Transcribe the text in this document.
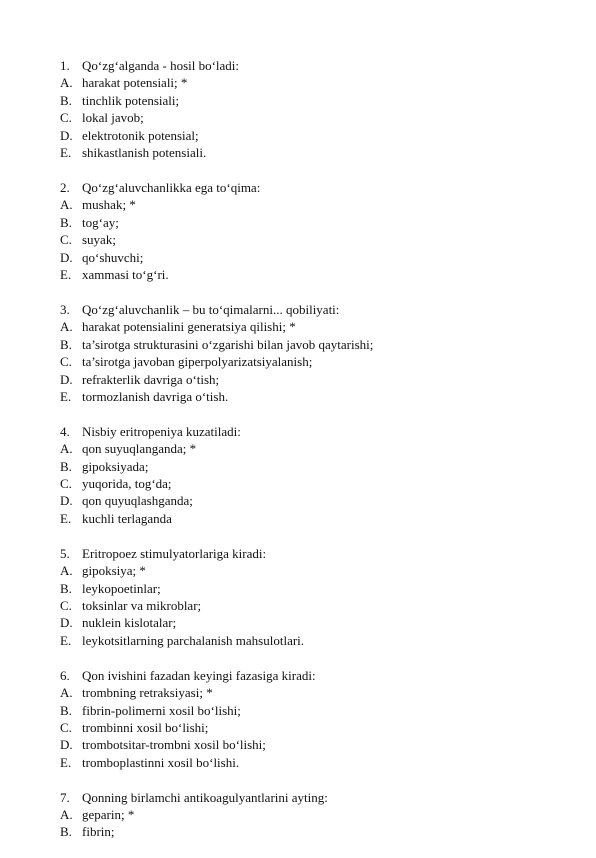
1. Qo‘zg‘alganda - hosil bo‘ladi:
A. harakat potensiali; *
B. tinchlik potensiali;
C. lokal javob;
D. elektrotonik potensial;
E. shikastlanish potensiali.
2. Qo‘zg‘aluvchanlikka ega to‘qima:
A. mushak; *
B. tog‘ay;
C. suyak;
D. qo‘shuvchi;
E. xammasi to‘g‘ri.
3. Qo‘zg‘aluvchanlik – bu to‘qimalarni... qobiliyati:
A. harakat potensialini generatsiya qilishi; *
B. ta’sirotga strukturasini o‘zgarishi bilan javob qaytarishi;
C. ta’sirotga javoban giperpolyarizatsiyalanish;
D. refrakterlik davriga o‘tish;
E. tormozlanish davriga o‘tish.
4. Nisbiy eritropeniya kuzatiladi:
A. qon suyuqlanganda; *
B. gipoksiyada;
C. yuqorida, tog‘da;
D. qon quyuqlashganda;
E. kuchli terlaganda
5. Eritropoez stimulyatorlariga kiradi:
A. gipoksiya; *
B. leykopoetinlar;
C. toksinlar va mikroblar;
D. nuklein kislotalar;
E. leykotsitlarning parchalanish mahsulotlari.
6. Qon ivishini fazadan keyingi fazasiga kiradi:
A. trombning retraksiyasi; *
B. fibrin-polimerni xosil bo‘lishi;
C. trombinni xosil bo‘lishi;
D. trombotsitar-trombni xosil bo‘lishi;
E. tromboplastinni xosil bo‘lishi.
7. Qonning birlamchi antikoagulyantlarini ayting:
A. geparin; *
B. fibrin;
